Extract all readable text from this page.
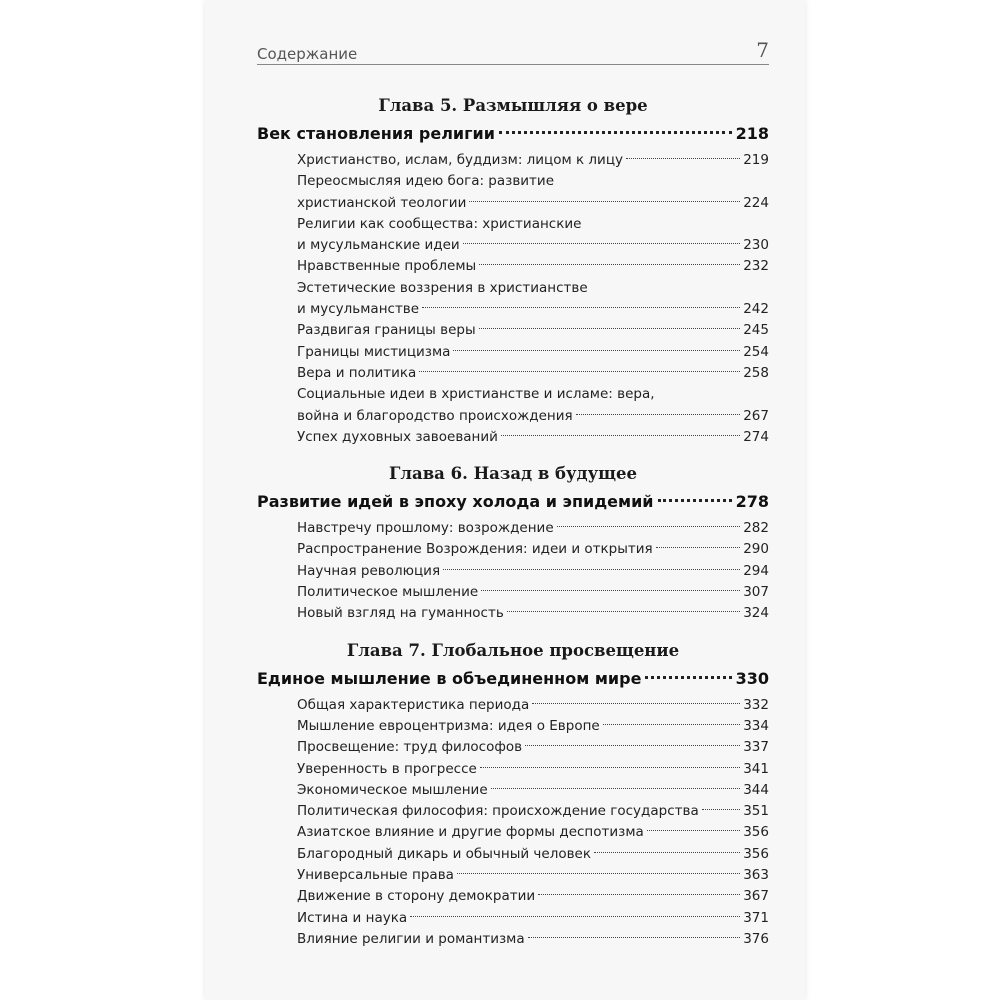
Содержание	7
Глава 5. Размышляя о вере
Век становления религии	218
Христианство, ислам, буддизм: лицом к лицу	219
Переосмысляя идею бога: развитие
христианской теологии	224
Религии как сообщества: христианские
и мусульманские идеи	230
Нравственные проблемы	232
Эстетические воззрения в христианстве
и мусульманстве	242
Раздвигая границы веры	245
Границы мистицизма	254
Вера и политика	258
Социальные идеи в христианстве и исламе: вера,
война и благородство происхождения	267
Успех духовных завоеваний	274
Глава 6. Назад в будущее
Развитие идей в эпоху холода и эпидемий	278
Навстречу прошлому: возрождение	282
Распространение Возрождения: идеи и открытия	290
Научная революция	294
Политическое мышление	307
Новый взгляд на гуманность	324
Глава 7. Глобальное просвещение
Единое мышление в объединенном мире	330
Общая характеристика периода	332
Мышление евроцентризма: идея о Европе	334
Просвещение: труд философов	337
Уверенность в прогрессе	341
Экономическое мышление	344
Политическая философия: происхождение государства	351
Азиатское влияние и другие формы деспотизма	356
Благородный дикарь и обычный человек	356
Универсальные права	363
Движение в сторону демократии	367
Истина и наука	371
Влияние религии и романтизма	376
